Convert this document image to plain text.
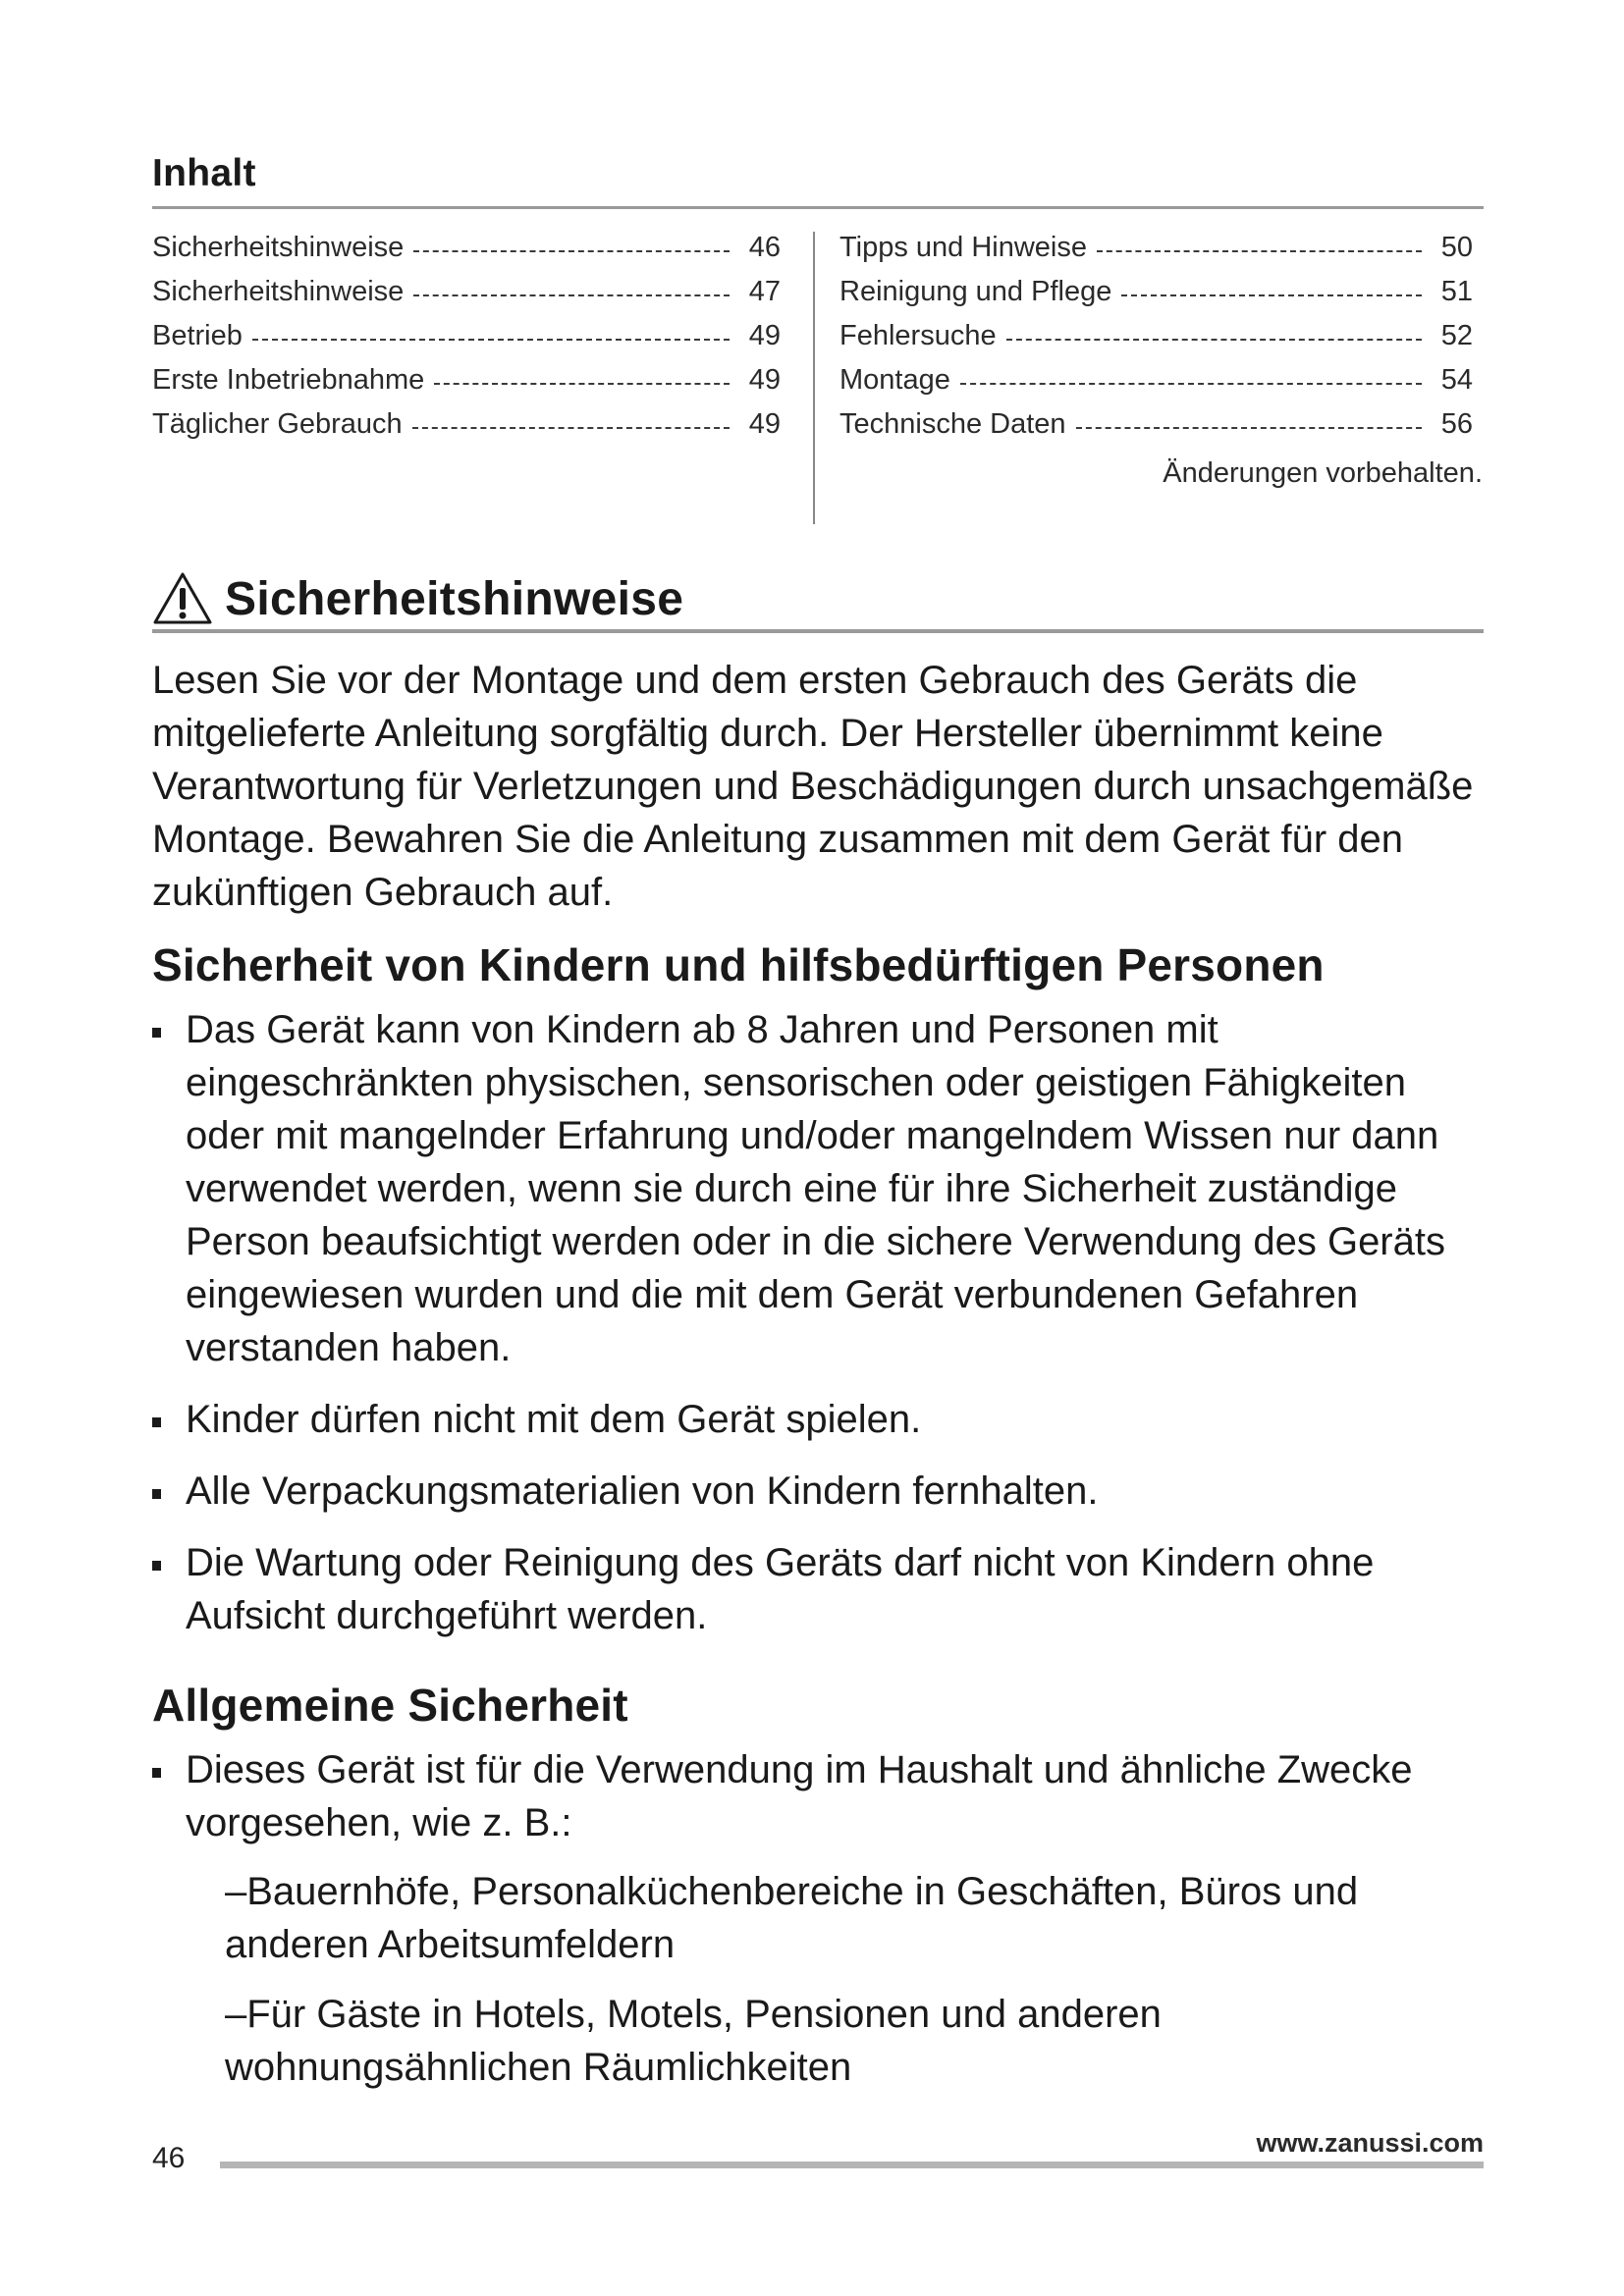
Inhalt
Sicherheitshinweise	46
Sicherheitshinweise	47
Betrieb	49
Erste Inbetriebnahme	49
Täglicher Gebrauch	49
Tipps und Hinweise	50
Reinigung und Pflege	51
Fehlersuche	52
Montage	54
Technische Daten	56
Änderungen vorbehalten.
Sicherheitshinweise

Lesen Sie vor der Montage und dem ersten Gebrauch des Geräts die mitgelieferte Anleitung sorgfältig durch. Der Hersteller übernimmt keine Verantwortung für Verletzungen und Beschädigungen durch unsachgemäße Montage. Bewahren Sie die Anleitung zusammen mit dem Gerät für den zukünftigen Gebrauch auf.

Sicherheit von Kindern und hilfsbedürftigen Personen
Das Gerät kann von Kindern ab 8 Jahren und Personen mit eingeschränkten physischen, sensorischen oder geistigen Fähigkeiten oder mit mangelnder Erfahrung und/oder mangelndem Wissen nur dann verwendet werden, wenn sie durch eine für ihre Sicherheit zuständige Person beaufsichtigt werden oder in die sichere Verwendung des Geräts eingewiesen wurden und die mit dem Gerät verbundenen Gefahren verstanden haben.
Kinder dürfen nicht mit dem Gerät spielen.
Alle Verpackungsmaterialien von Kindern fernhalten.
Die Wartung oder Reinigung des Geräts darf nicht von Kindern ohne Aufsicht durchgeführt werden.
Allgemeine Sicherheit
Dieses Gerät ist für die Verwendung im Haushalt und ähnliche Zwecke vorgesehen, wie z. B.:

–Bauernhöfe, Personalküchenbereiche in Geschäften, Büros und anderen Arbeitsumfeldern

–Für Gäste in Hotels, Motels, Pensionen und anderen wohnungsähnlichen Räumlichkeiten

46	www.zanussi.com
